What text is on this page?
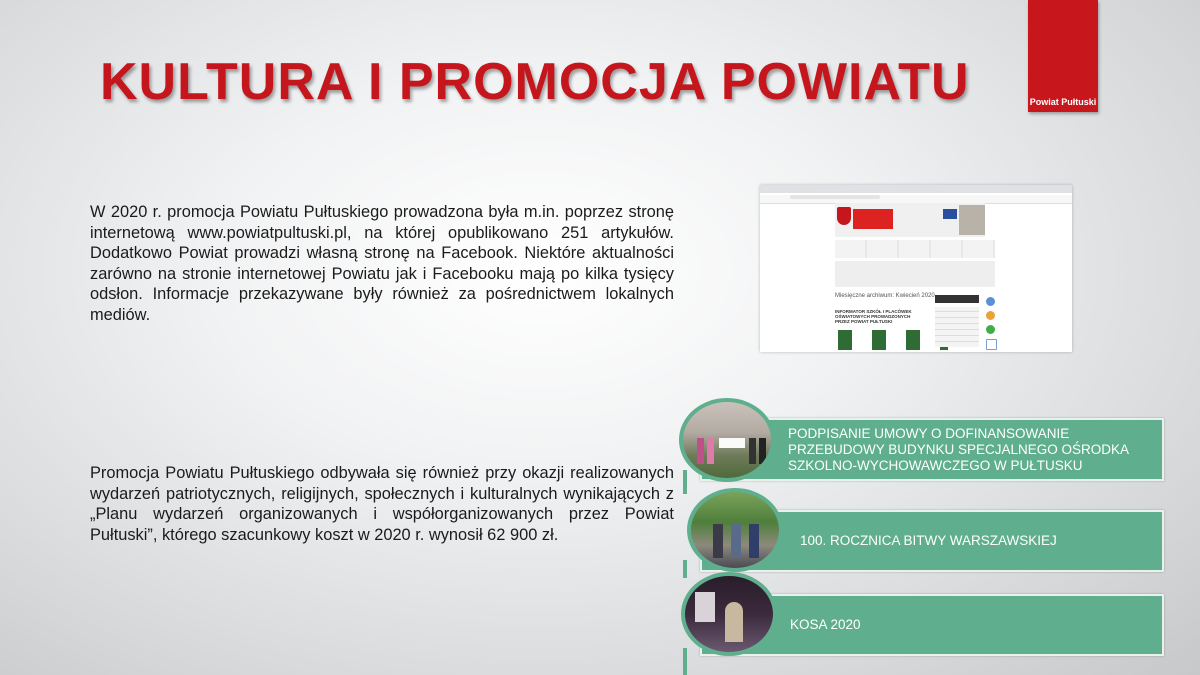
KULTURA I PROMOCJA POWIATU	Powiat Pułtuski
W 2020 r. promocja Powiatu Pułtuskiego prowadzona była m.in. poprzez stronę internetową www.powiatpultuski.pl, na której opublikowano 251 artykułów. Dodatkowo Powiat prowadzi własną stronę na Facebook. Niektóre aktualności zarówno na stronie internetowej Powiatu jak i Facebooku mają po kilka tysięcy odsłon. Informacje przekazywane były również za pośrednictwem lokalnych mediów.
Promocja Powiatu Pułtuskiego odbywała się również przy okazji realizowanych wydarzeń patriotycznych, religijnych, społecznych i kulturalnych wynikających z „Planu wydarzeń organizowanych i współorganizowanych przez Powiat Pułtuski”, którego szacunkowy koszt w 2020 r. wynosił 62 900 zł.
Miesięczne archiwum: Kwiecień 2020
INFORMATOR SZKÓŁ I PLACÓWEK OŚWIATOWYCH PROWADZONYCH PRZEZ POWIAT PUŁTUSKI
PODPISANIE UMOWY O DOFINANSOWANIE PRZEBUDOWY BUDYNKU SPECJALNEGO OŚRODKA SZKOLNO-WYCHOWAWCZEGO W PUŁTUSKU
100. ROCZNICA BITWY WARSZAWSKIEJ
KOSA 2020
